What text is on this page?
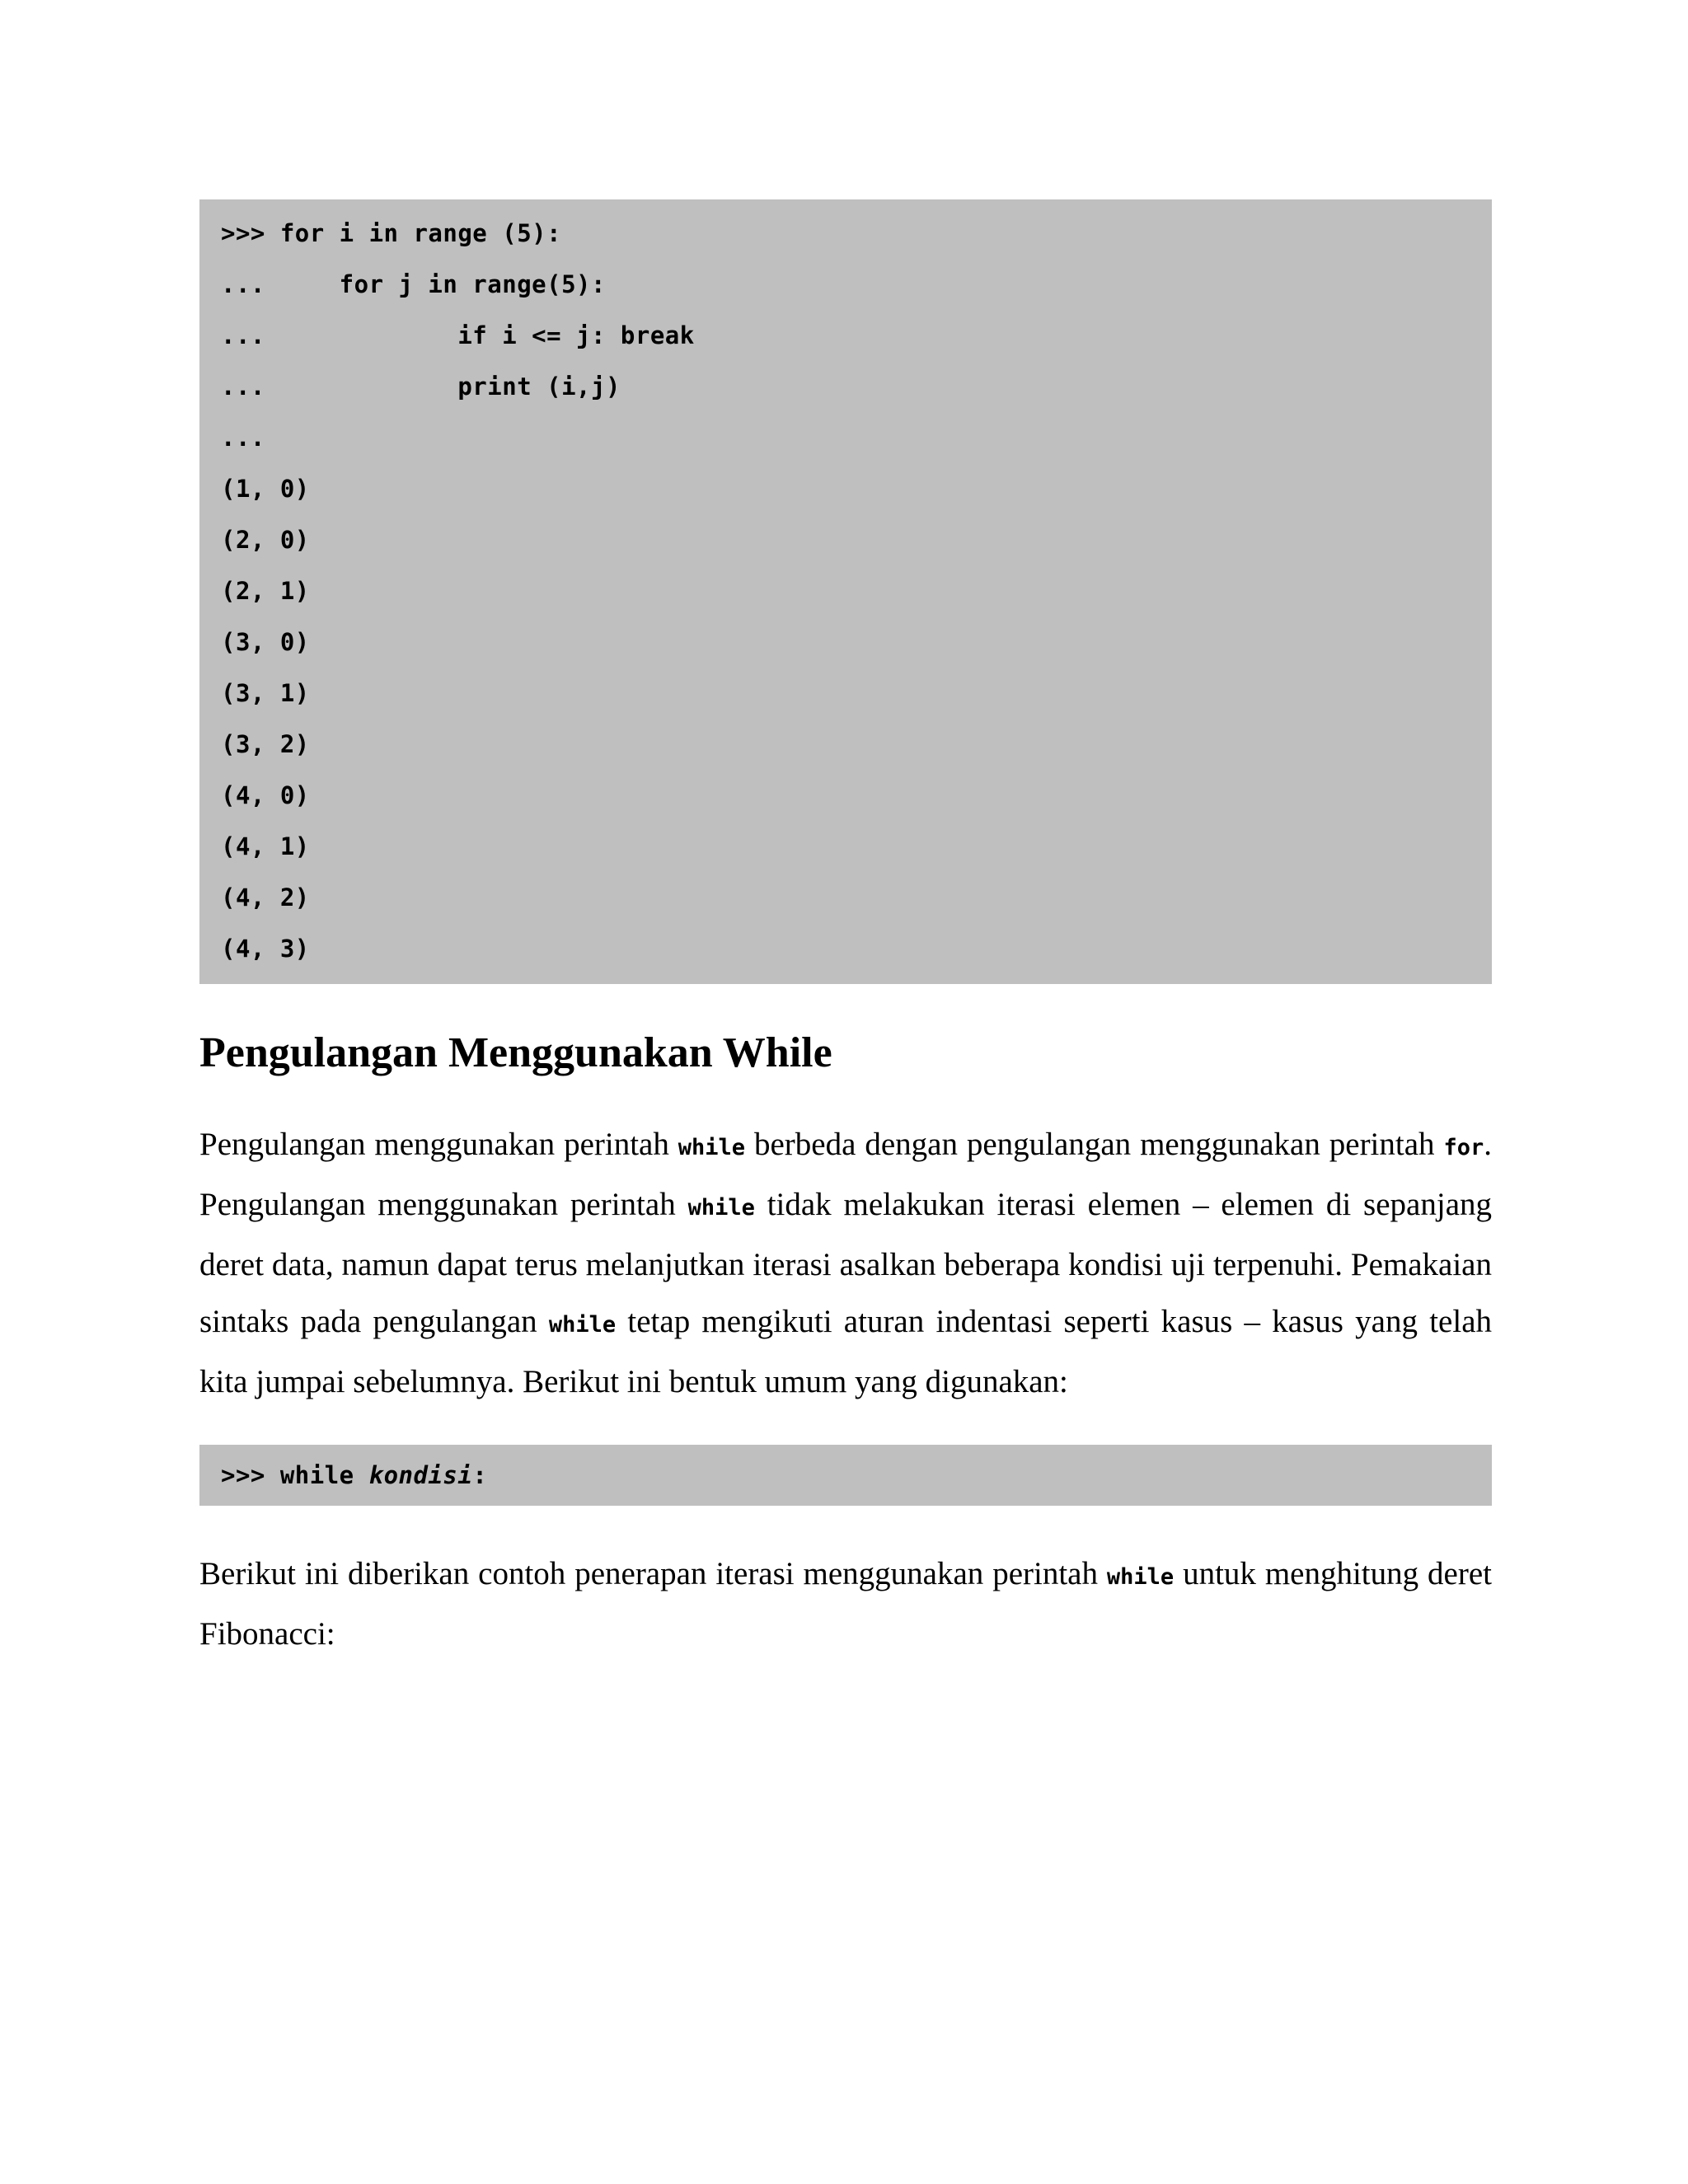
>>> for i in range (5):
...     for j in range(5):
...             if i <= j: break
...             print (i,j)
...
(1, 0)
(2, 0)
(2, 1)
(3, 0)
(3, 1)
(3, 2)
(4, 0)
(4, 1)
(4, 2)
(4, 3)
Pengulangan Menggunakan While

Pengulangan menggunakan perintah while berbeda dengan pengulangan menggunakan perintah for. Pengulangan menggunakan perintah while tidak melakukan iterasi elemen – elemen di sepanjang deret data, namun dapat terus melanjutkan iterasi asalkan beberapa kondisi uji terpenuhi. Pemakaian sintaks pada pengulangan while tetap mengikuti aturan indentasi seperti kasus – kasus yang telah kita jumpai sebelumnya. Berikut ini bentuk umum yang digunakan:

>>> while kondisi:

Berikut ini diberikan contoh penerapan iterasi menggunakan perintah while untuk menghitung deret Fibonacci:
